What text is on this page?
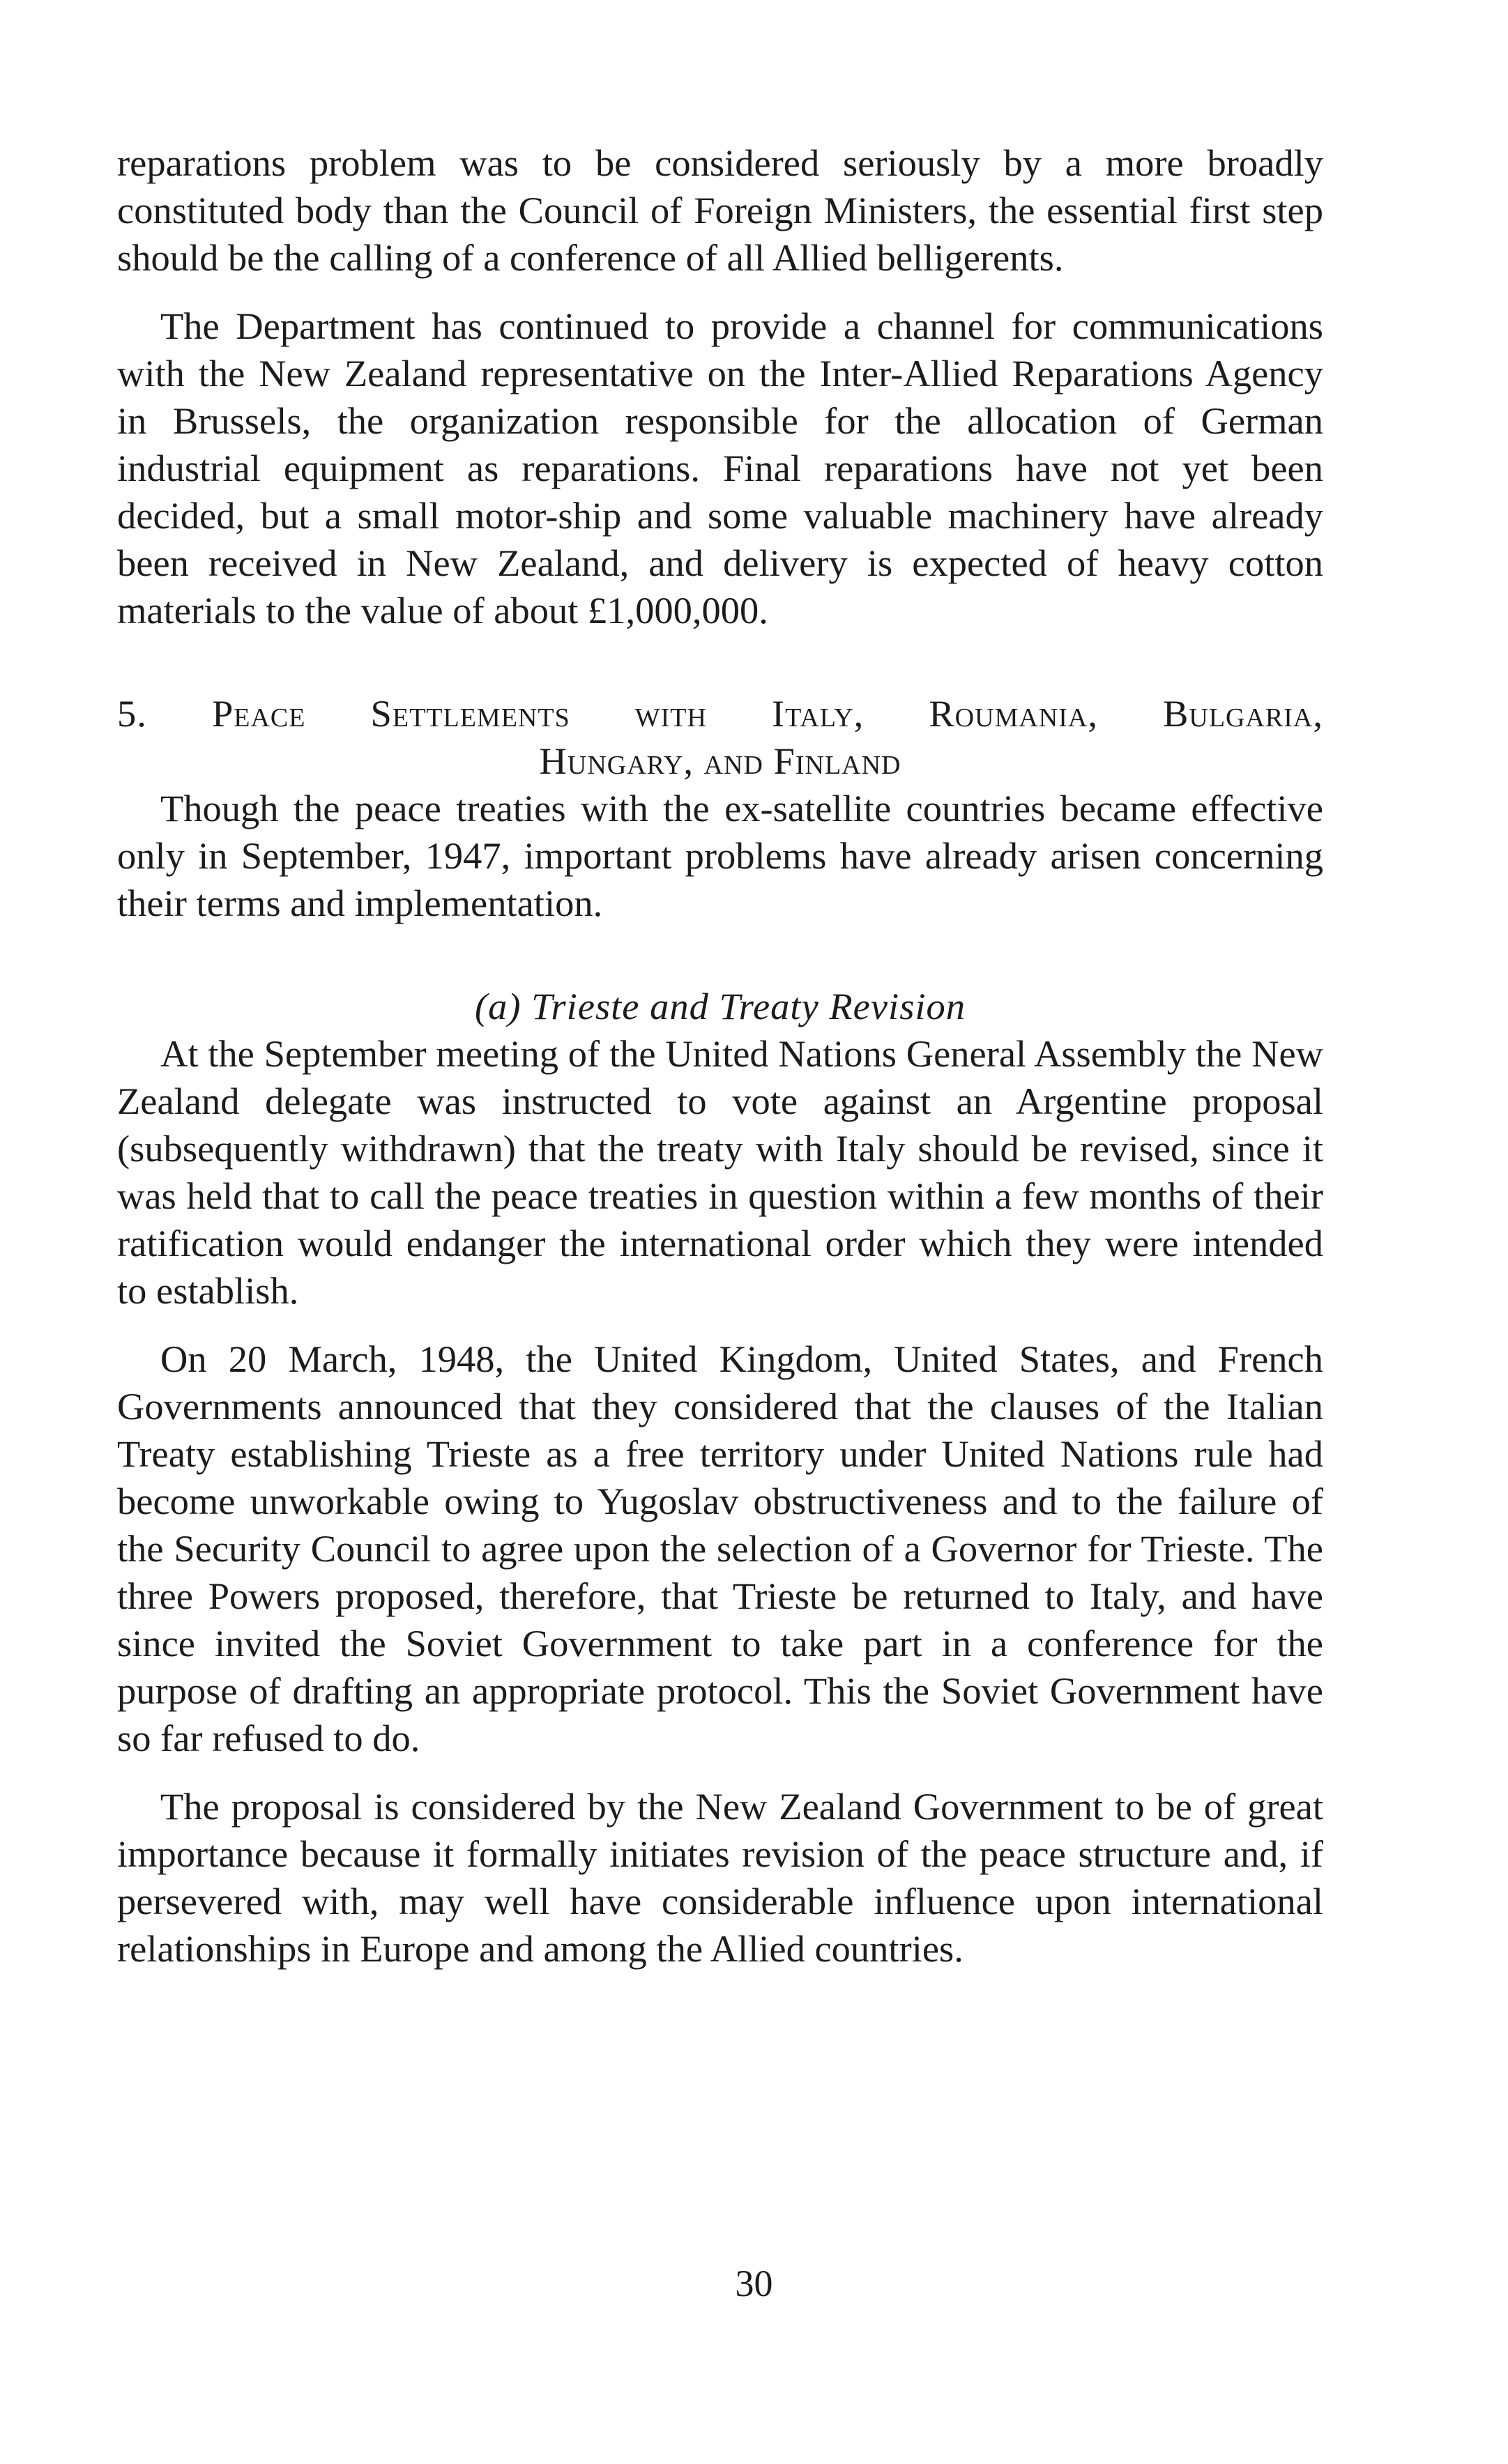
reparations problem was to be considered seriously by a more broadly constituted body than the Council of Foreign Ministers, the essential first step should be the calling of a conference of all Allied belligerents.

The Department has continued to provide a channel for communications with the New Zealand representative on the Inter-Allied Reparations Agency in Brussels, the organization responsible for the allocation of German industrial equipment as reparations. Final reparations have not yet been decided, but a small motor-ship and some valuable machinery have already been received in New Zealand, and delivery is expected of heavy cotton materials to the value of about £1,000,000.

5. Peace Settlements with Italy, Roumania, Bulgaria,

Hungary, and Finland

Though the peace treaties with the ex-satellite countries became effective only in September, 1947, important problems have already arisen concerning their terms and implementation.

(a) Trieste and Treaty Revision

At the September meeting of the United Nations General Assembly the New Zealand delegate was instructed to vote against an Argentine proposal (subsequently withdrawn) that the treaty with Italy should be revised, since it was held that to call the peace treaties in question within a few months of their ratification would endanger the international order which they were intended to establish.

On 20 March, 1948, the United Kingdom, United States, and French Governments announced that they considered that the clauses of the Italian Treaty establishing Trieste as a free territory under United Nations rule had become unworkable owing to Yugoslav obstructiveness and to the failure of the Security Council to agree upon the selection of a Governor for Trieste. The three Powers proposed, therefore, that Trieste be returned to Italy, and have since invited the Soviet Government to take part in a conference for the purpose of drafting an appropriate protocol. This the Soviet Government have so far refused to do.

The proposal is considered by the New Zealand Government to be of great importance because it formally initiates revision of the peace structure and, if persevered with, may well have considerable influence upon international relationships in Europe and among the Allied countries.

30
